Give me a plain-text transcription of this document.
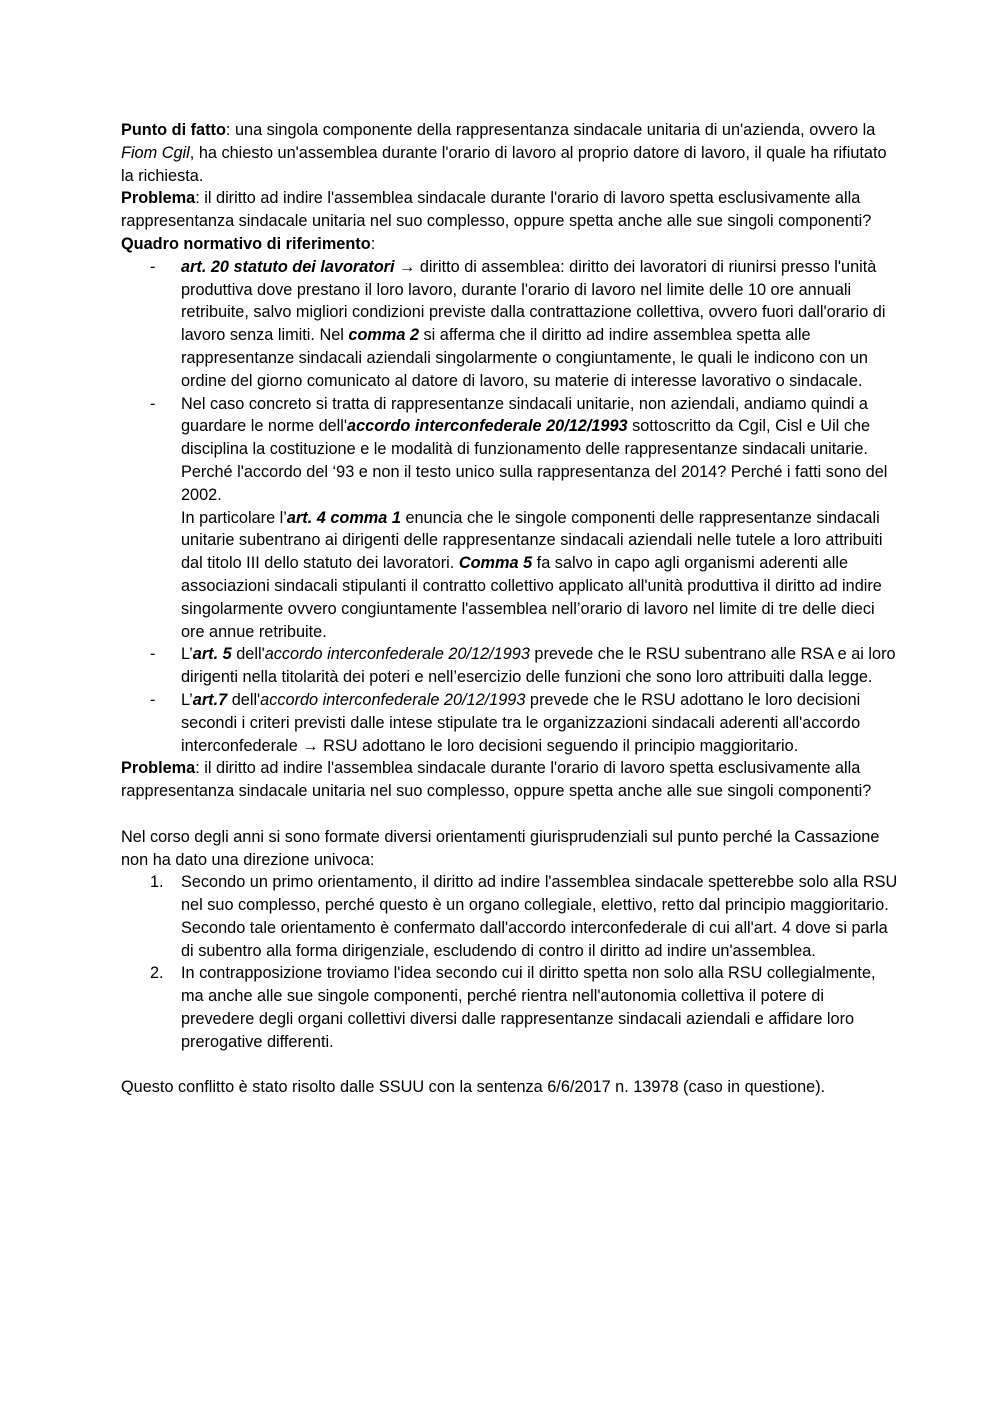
Punto di fatto: una singola componente della rappresentanza sindacale unitaria di un'azienda, ovvero la Fiom Cgil, ha chiesto un'assemblea durante l'orario di lavoro al proprio datore di lavoro, il quale ha rifiutato la richiesta.

Problema: il diritto ad indire l'assemblea sindacale durante l'orario di lavoro spetta esclusivamente alla rappresentanza sindacale unitaria nel suo complesso, oppure spetta anche alle sue singoli componenti?

Quadro normativo di riferimento:

-	art. 20 statuto dei lavoratori → diritto di assemblea: diritto dei lavoratori di riunirsi presso l'unità produttiva dove prestano il loro lavoro, durante l'orario di lavoro nel limite delle 10 ore annuali retribuite, salvo migliori condizioni previste dalla contrattazione collettiva, ovvero fuori dall'orario di lavoro senza limiti. Nel comma 2 si afferma che il diritto ad indire assemblea spetta alle rappresentanze sindacali aziendali singolarmente o congiuntamente, le quali le indicono con un ordine del giorno comunicato al datore di lavoro, su materie di interesse lavorativo o sindacale.
-	Nel caso concreto si tratta di rappresentanze sindacali unitarie, non aziendali, andiamo quindi a guardare le norme dell'accordo interconfederale 20/12/1993 sottoscritto da Cgil, Cisl e Uil che disciplina la costituzione e le modalità di funzionamento delle rappresentanze sindacali unitarie.

Perché l'accordo del ‘93 e non il testo unico sulla rappresentanza del 2014? Perché i fatti sono del 2002.

In particolare l’art. 4 comma 1 enuncia che le singole componenti delle rappresentanze sindacali unitarie subentrano ai dirigenti delle rappresentanze sindacali aziendali nelle tutele a loro attribuiti dal titolo III dello statuto dei lavoratori. Comma 5 fa salvo in capo agli organismi aderenti alle associazioni sindacali stipulanti il contratto collettivo applicato all'unità produttiva il diritto ad indire singolarmente ovvero congiuntamente l'assemblea nell’orario di lavoro nel limite di tre delle dieci ore annue retribuite.

-	L’art. 5 dell'accordo interconfederale 20/12/1993 prevede che le RSU subentrano alle RSA e ai loro dirigenti nella titolarità dei poteri e nell’esercizio delle funzioni che sono loro attribuiti dalla legge.
-	L’art.7 dell'accordo interconfederale 20/12/1993 prevede che le RSU adottano le loro decisioni secondi i criteri previsti dalle intese stipulate tra le organizzazioni sindacali aderenti all'accordo interconfederale → RSU adottano le loro decisioni seguendo il principio maggioritario.

Problema: il diritto ad indire l'assemblea sindacale durante l'orario di lavoro spetta esclusivamente alla rappresentanza sindacale unitaria nel suo complesso, oppure spetta anche alle sue singoli componenti?

Nel corso degli anni si sono formate diversi orientamenti giurisprudenziali sul punto perché la Cassazione non ha dato una direzione univoca:

1.	Secondo un primo orientamento, il diritto ad indire l'assemblea sindacale spetterebbe solo alla RSU nel suo complesso, perché questo è un organo collegiale, elettivo, retto dal principio maggioritario. Secondo tale orientamento è confermato dall'accordo interconfederale di cui all'art. 4 dove si parla di subentro alla forma dirigenziale, escludendo di contro il diritto ad indire un'assemblea.
2.	In contrapposizione troviamo l'idea secondo cui il diritto spetta non solo alla RSU collegialmente, ma anche alle sue singole componenti, perché rientra nell'autonomia collettiva il potere di prevedere degli organi collettivi diversi dalle rappresentanze sindacali aziendali e affidare loro prerogative differenti.

Questo conflitto è stato risolto dalle SSUU con la sentenza 6/6/2017 n. 13978 (caso in questione).
